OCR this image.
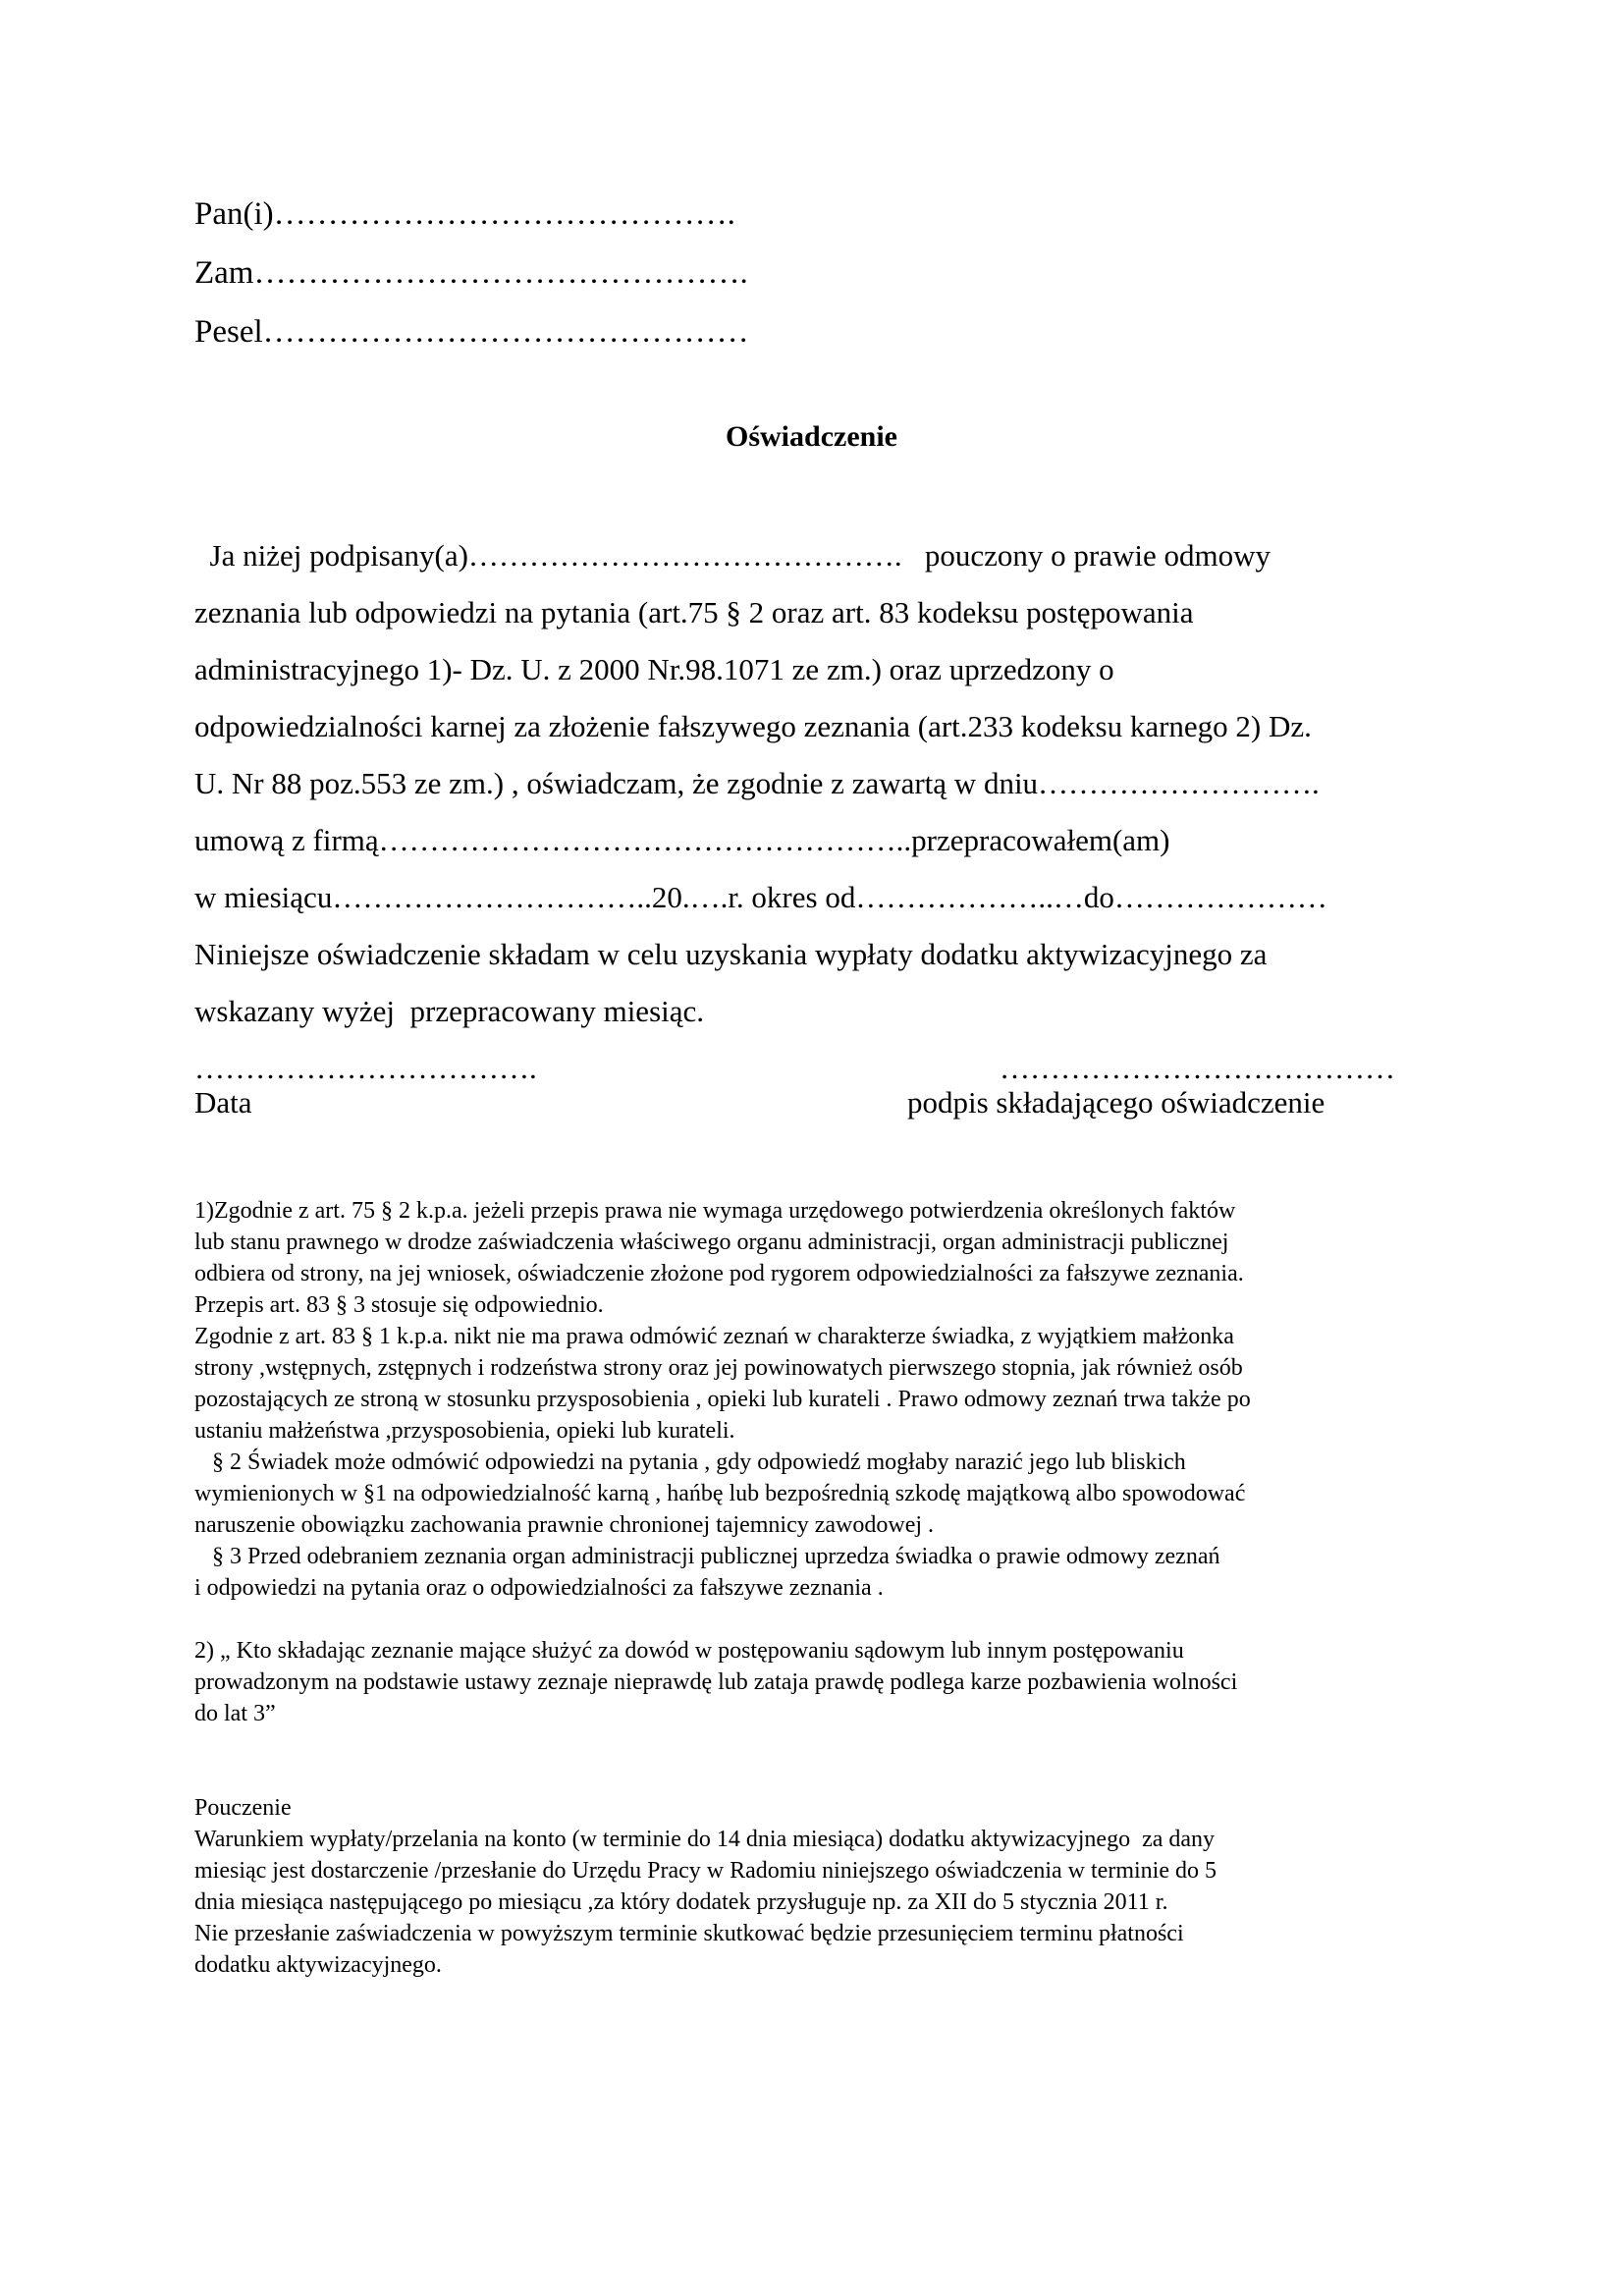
Pan(i)…………………………………….
Zam……………………………………….
Pesel………………………………………
Oświadczenie
Ja niżej podpisany(a)…………………………………….   pouczony o prawie odmowy
zeznania lub odpowiedzi na pytania (art.75 § 2 oraz art. 83 kodeksu postępowania
administracyjnego 1)- Dz. U. z 2000 Nr.98.1071 ze zm.) oraz uprzedzony o
odpowiedzialności karnej za złożenie fałszywego zeznania (art.233 kodeksu karnego 2) Dz.
U. Nr 88 poz.553 ze zm.) , oświadczam, że zgodnie z zawartą w dniu……………………….
umową z firmą……………………………………………..przepracowałem(am)
w miesiącu…………………………..20.….r. okres od………………..…do…………………
Niniejsze oświadczenie składam w celu uzyskania wypłaty dodatku aktywizacyjnego za
wskazany wyżej  przepracowany miesiąc.
…………………………….
Data
…………………………………
podpis składającego oświadczenie
1)Zgodnie z art. 75 § 2 k.p.a. jeżeli przepis prawa nie wymaga urzędowego potwierdzenia określonych faktów
lub stanu prawnego w drodze zaświadczenia właściwego organu administracji, organ administracji publicznej
odbiera od strony, na jej wniosek, oświadczenie złożone pod rygorem odpowiedzialności za fałszywe zeznania.
Przepis art. 83 § 3 stosuje się odpowiednio.
Zgodnie z art. 83 § 1 k.p.a. nikt nie ma prawa odmówić zeznań w charakterze świadka, z wyjątkiem małżonka
strony ,wstępnych, zstępnych i rodzeństwa strony oraz jej powinowatych pierwszego stopnia, jak również osób
pozostających ze stroną w stosunku przysposobienia , opieki lub kurateli . Prawo odmowy zeznań trwa także po
ustaniu małżeństwa ,przysposobienia, opieki lub kurateli.
§ 2 Świadek może odmówić odpowiedzi na pytania , gdy odpowiedź mogłaby narazić jego lub bliskich
wymienionych w §1 na odpowiedzialność karną , hańbę lub bezpośrednią szkodę majątkową albo spowodować
naruszenie obowiązku zachowania prawnie chronionej tajemnicy zawodowej .
§ 3 Przed odebraniem zeznania organ administracji publicznej uprzedza świadka o prawie odmowy zeznań
i odpowiedzi na pytania oraz o odpowiedzialności za fałszywe zeznania .
2) „ Kto składając zeznanie mające służyć za dowód w postępowaniu sądowym lub innym postępowaniu
prowadzonym na podstawie ustawy zeznaje nieprawdę lub zataja prawdę podlega karze pozbawienia wolności
do lat 3”
Pouczenie
Warunkiem wypłaty/przelania na konto (w terminie do 14 dnia miesiąca) dodatku aktywizacyjnego  za dany
miesiąc jest dostarczenie /przesłanie do Urzędu Pracy w Radomiu niniejszego oświadczenia w terminie do 5
dnia miesiąca następującego po miesiącu ,za który dodatek przysługuje np. za XII do 5 stycznia 2011 r.
Nie przesłanie zaświadczenia w powyższym terminie skutkować będzie przesunięciem terminu płatności
dodatku aktywizacyjnego.
